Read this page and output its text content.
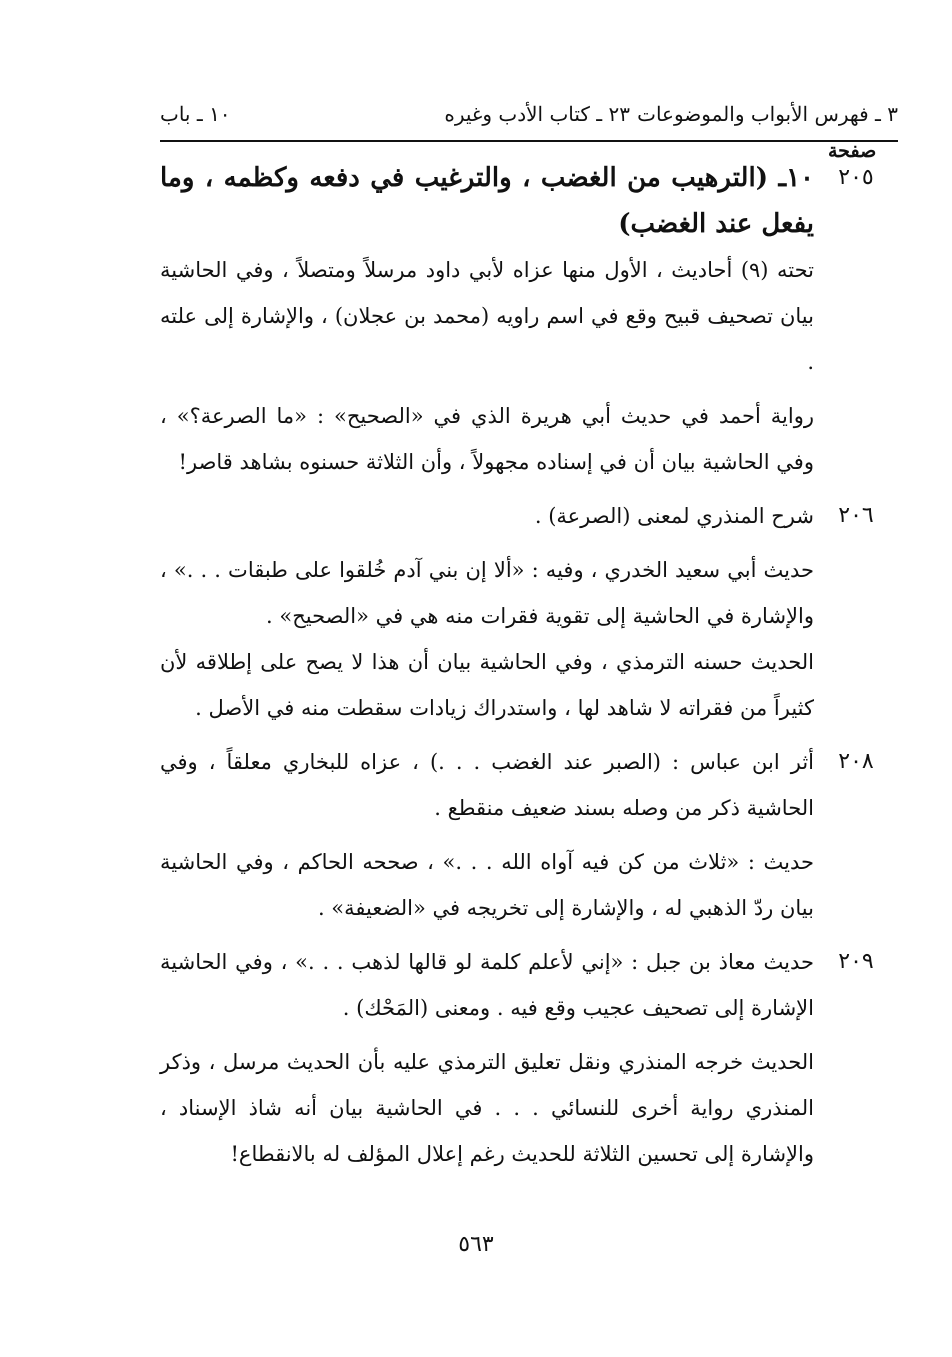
٣ ـ فهرس الأبواب والموضوعات
٢٣ ـ كتاب الأدب وغيره
١٠ ـ باب
صفحة
٢٠٥
١٠ـ (الترهيب من الغضب ، والترغيب في دفعه وكظمه ، وما يفعل عند الغضب)

تحته (٩) أحاديث ، الأول منها عزاه لأبي داود مرسلاً ومتصلاً ، وفي الحاشية بيان تصحيف قبيح وقع في اسم راويه (محمد بن عجلان) ، والإشارة إلى علته .

رواية أحمد في حديث أبي هريرة الذي في «الصحيح» : «ما الصرعة؟» ، وفي الحاشية بيان أن في إسناده مجهولاً ، وأن الثلاثة حسنوه بشاهد قاصر!

٢٠٦

شرح المنذري لمعنى (الصرعة) .

حديث أبي سعيد الخدري ، وفيه : «ألا إن بني آدم خُلقوا على طبقات . . .» ، والإشارة في الحاشية إلى تقوية فقرات منه هي في «الصحيح» .

الحديث حسنه الترمذي ، وفي الحاشية بيان أن هذا لا يصح على إطلاقه لأن كثيراً من فقراته لا شاهد لها ، واستدراك زيادات سقطت منه في الأصل .

٢٠٨

أثر ابن عباس : (الصبر عند الغضب . . .) ، عزاه للبخاري معلقاً ، وفي الحاشية ذكر من وصله بسند ضعيف منقطع .

حديث : «ثلاث من كن فيه آواه الله . . .» ، صححه الحاكم ، وفي الحاشية بيان ردّ الذهبي له ، والإشارة إلى تخريجه في «الضعيفة» .

٢٠٩

حديث معاذ بن جبل : «إني لأعلم كلمة لو قالها لذهب . . .» ، وفي الحاشية الإشارة إلى تصحيف عجيب وقع فيه . ومعنى (المَحْك) .

الحديث خرجه المنذري ونقل تعليق الترمذي عليه بأن الحديث مرسل ، وذكر المنذري رواية أخرى للنسائي . . . في الحاشية بيان أنه شاذ الإسناد ، والإشارة إلى تحسين الثلاثة للحديث رغم إعلال المؤلف له بالانقطاع!

٥٦٣
